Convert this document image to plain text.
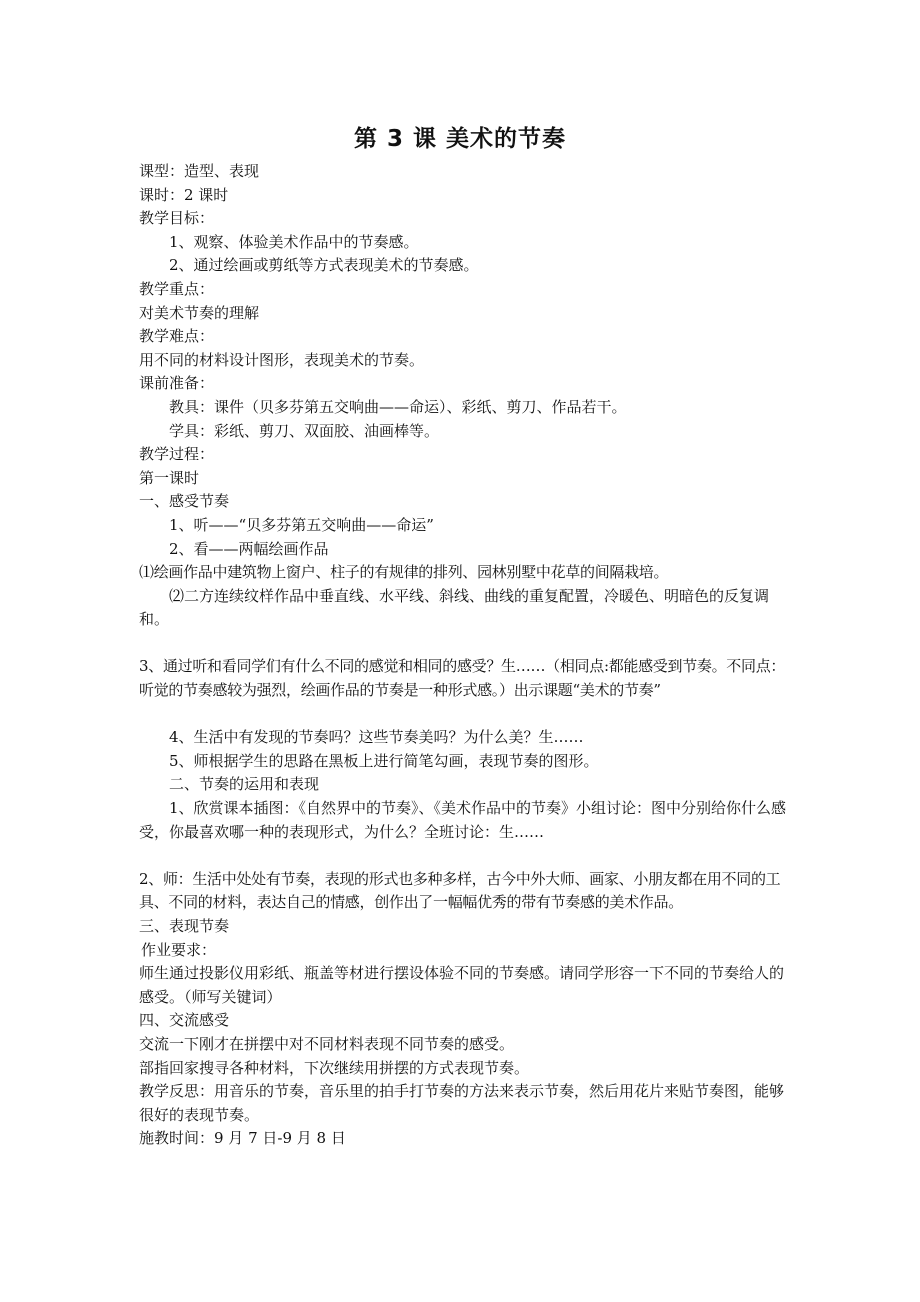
第 3 课 美术的节奏

课型：造型、表现

课时：2 课时

教学目标：

1、观察、体验美术作品中的节奏感。

2、通过绘画或剪纸等方式表现美术的节奏感。

教学重点：

对美术节奏的理解

教学难点：

用不同的材料设计图形，表现美术的节奏。

课前准备：

教具：课件（贝多芬第五交响曲——命运）、彩纸、剪刀、作品若干。

学具：彩纸、剪刀、双面胶、油画棒等。

教学过程：

第一课时

一、感受节奏

1、听——“贝多芬第五交响曲——命运”

2、看——两幅绘画作品

⑴绘画作品中建筑物上窗户、柱子的有规律的排列、园林别墅中花草的间隔栽培。

⑵二方连续纹样作品中垂直线、水平线、斜线、曲线的重复配置，冷暖色、明暗色的反复调和。

3、通过听和看同学们有什么不同的感觉和相同的感受？生……（相同点:都能感受到节奏。不同点：听觉的节奏感较为强烈，绘画作品的节奏是一种形式感。）出示课题“美术的节奏”

4、生活中有发现的节奏吗？这些节奏美吗？为什么美？生……

5、师根据学生的思路在黑板上进行简笔勾画，表现节奏的图形。

二、节奏的运用和表现

1、欣赏课本插图：《自然界中的节奏》、《美术作品中的节奏》小组讨论：图中分别给你什么感受，你最喜欢哪一种的表现形式，为什么？全班讨论：生……

2、师：生活中处处有节奏，表现的形式也多种多样，古今中外大师、画家、小朋友都在用不同的工具、不同的材料，表达自己的情感，创作出了一幅幅优秀的带有节奏感的美术作品。

三、表现节奏

作业要求：

师生通过投影仪用彩纸、瓶盖等材进行摆设体验不同的节奏感。请同学形容一下不同的节奏给人的感受。（师写关键词）

四、交流感受

交流一下刚才在拼摆中对不同材料表现不同节奏的感受。

部指回家搜寻各种材料，下次继续用拼摆的方式表现节奏。

教学反思：用音乐的节奏，音乐里的拍手打节奏的方法来表示节奏，然后用花片来贴节奏图，能够很好的表现节奏。

施教时间：9 月 7 日-9 月 8 日
